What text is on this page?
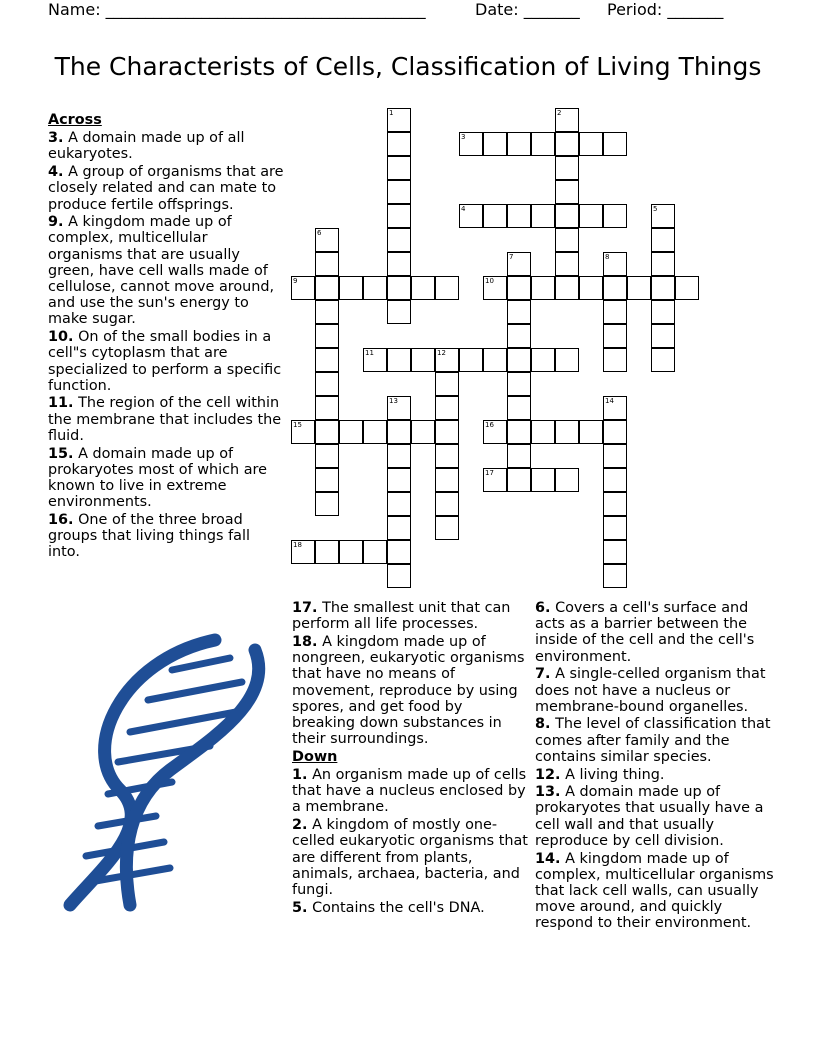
Name: ________________________________________	Date: _______ Period: _______
The Characterists of Cells, Classification of Living Things
1	2
3
4	5
6
7	8
9	10
11	12
13	14
15	16
17
18
Across
3. A domain made up of all eukaryotes.
4. A group of organisms that are closely related and can mate to produce fertile offsprings.
9. A kingdom made up of complex, multicellular organisms that are usually green, have cell walls made of cellulose, cannot move around, and use the sun's energy to make sugar.
10. On of the small bodies in a cell"s cytoplasm that are specialized to perform a specific function.
11. The region of the cell within the membrane that includes the fluid.
15. A domain made up of prokaryotes most of which are known to live in extreme environments.
16. One of the three broad groups that living things fall into.
17. The smallest unit that can perform all life processes.
18. A kingdom made up of nongreen, eukaryotic organisms that have no means of movement, reproduce by using spores, and get food by breaking down substances in their surroundings.
Down
1. An organism made up of cells that have a nucleus enclosed by a membrane.
2. A kingdom of mostly one-celled eukaryotic organisms that are different from plants, animals, archaea, bacteria, and fungi.
5. Contains the cell's DNA.
6. Covers a cell's surface and acts as a barrier between the inside of the cell and the cell's environment.
7. A single-celled organism that does not have a nucleus or membrane-bound organelles.
8. The level of classification that comes after family and the contains similar species.
12. A living thing.
13. A domain made up of prokaryotes that usually have a cell wall and that usually reproduce by cell division.
14. A kingdom made up of complex, multicellular organisms that lack cell walls, can usually move around, and quickly respond to their environment.
